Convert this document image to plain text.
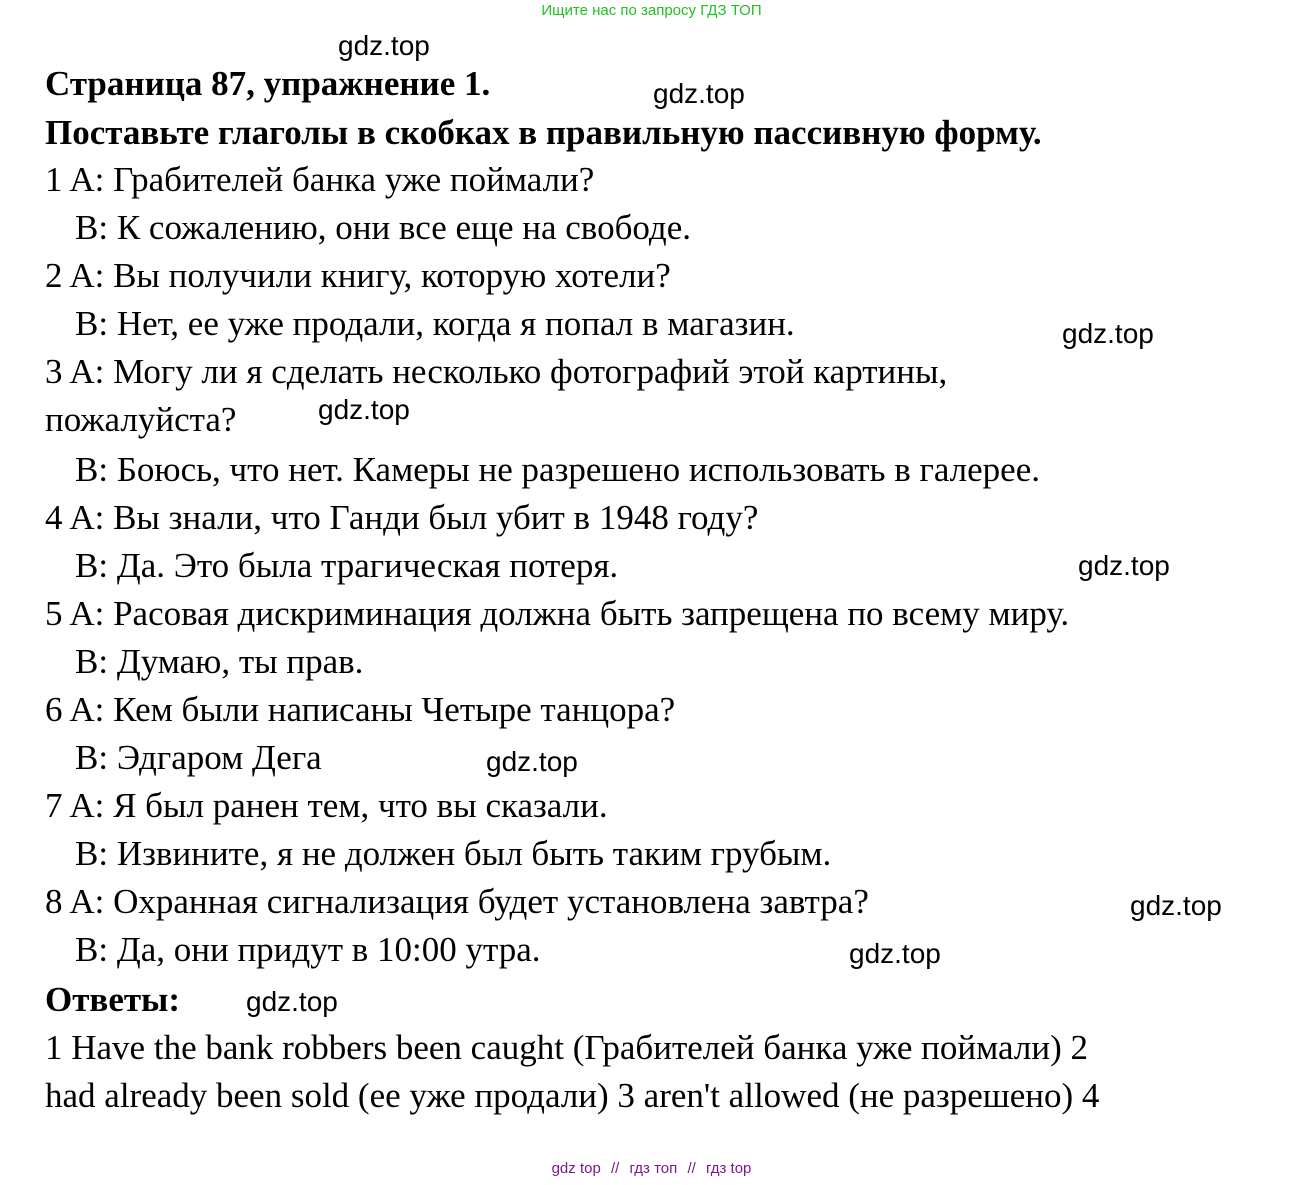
Ищите нас по запросу ГДЗ ТОП
Страница 87, упражнение 1.
Поставьте глаголы в скобках в правильную пассивную форму.
1 A: Грабителей банка уже поймали?
B: К сожалению, они все еще на свободе.
2 A: Вы получили книгу, которую хотели?
B: Нет, ее уже продали, когда я попал в магазин.
3 A: Могу ли я сделать несколько фотографий этой картины,
пожалуйста?
B: Боюсь, что нет. Камеры не разрешено использовать в галерее.
4 A: Вы знали, что Ганди был убит в 1948 году?
B: Да. Это была трагическая потеря.
5 A: Расовая дискриминация должна быть запрещена по всему миру.
B: Думаю, ты прав.
6 A: Кем были написаны Четыре танцора?
B: Эдгаром Дега
7 A: Я был ранен тем, что вы сказали.
B: Извините, я не должен был быть таким грубым.
8 A: Охранная сигнализация будет установлена завтра?
B: Да, они придут в 10:00 утра.
Ответы:
1 Have the bank robbers been caught (Грабителей банка уже поймали) 2
had already been sold (ее уже продали) 3 aren't allowed (не разрешено) 4
gdz.top
gdz.top
gdz.top
gdz.top
gdz.top
gdz.top
gdz.top
gdz.top
gdz.top
gdz top // гдз топ // гдз top
